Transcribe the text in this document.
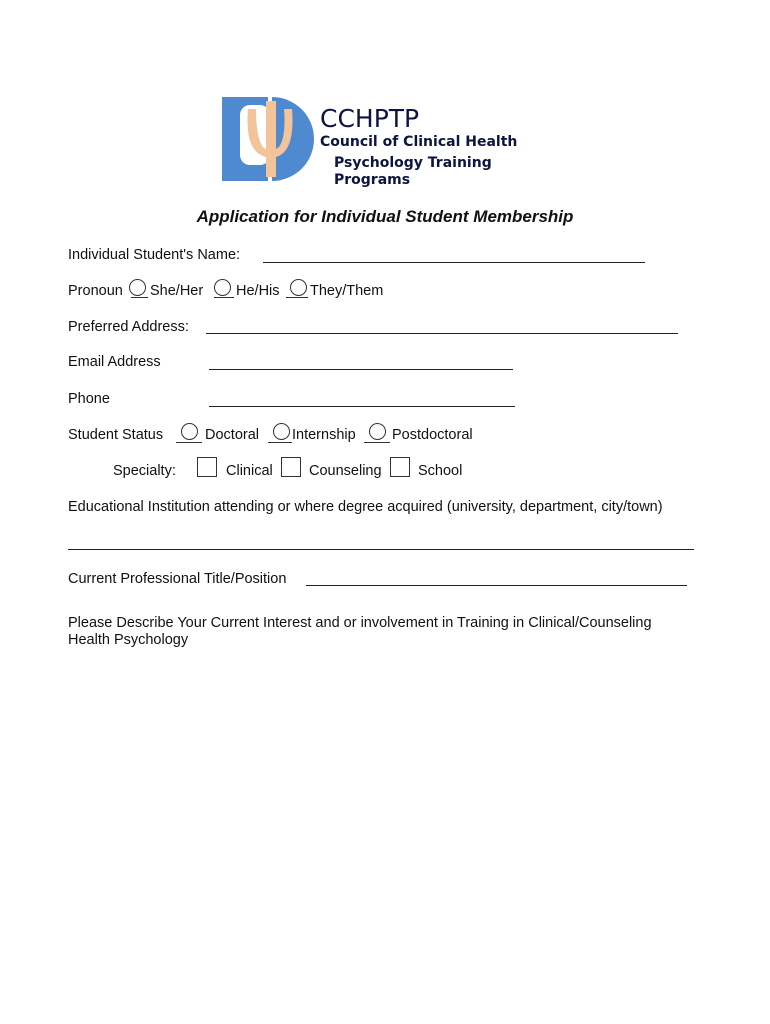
CCHPTP
Council of Clinical Health
Psychology Training Programs
Application for Individual Student Membership
Individual Student's Name:
Pronoun She/Her He/His They/Them
Preferred Address:
Email Address
Phone
Student Status	Doctoral Internship	Postdoctoral
Specialty:	Clinical	Counseling	School
Educational Institution attending or where degree acquired (university, department, city/town)
Current Professional Title/Position
Please Describe Your Current Interest and or involvement in Training in Clinical/Counseling
Health Psychology
